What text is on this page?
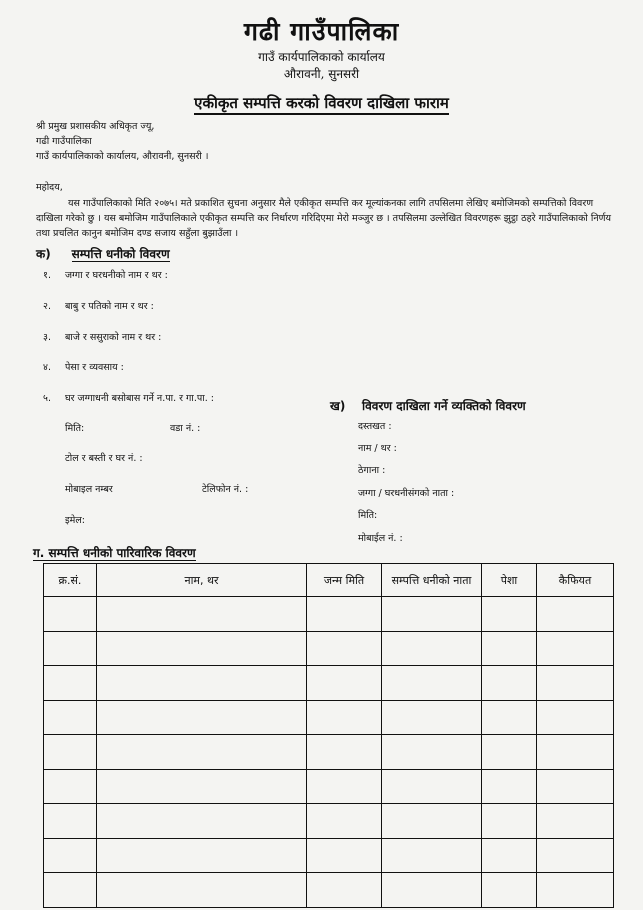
गढी गाउँपालिका
गाउँ कार्यपालिकाको कार्यालय
औरावनी, सुनसरी
एकीकृत सम्पत्ति करको विवरण दाखिला फाराम
श्री प्रमुख प्रशासकीय अधिकृत ज्यू,
गढी गाउँपालिका
गाउँ कार्यपालिकाको कार्यालय, औरावनी, सुनसरी ।
महोदय,
यस गाउँपालिकाको मिति २०७५। मते प्रकाशित सुचना अनुसार मैले एकीकृत सम्पत्ति कर मूल्यांकनका लागि तपसिलमा लेखिए बमोजिमको सम्पत्तिको विवरण दाखिला गरेको छु । यस बमोजिम गाउँपालिकाले एकीकृत सम्पत्ति कर निर्धारण गरिदिएमा मेरो मञ्जुर छ । तपसिलमा उल्लेखित विवरणहरू झुट्ठा ठहरे गाउँपालिकाको निर्णय तथा प्रचलित कानुन बमोजिम दण्ड सजाय सहुँला बुझाउँला ।
क) सम्पत्ति धनीको विवरण
१. जग्गा र घरधनीको नाम र थर :
२. बाबु र पतिको नाम र थर :
३. बाजे र ससुराको नाम र थर :
४. पेसा र व्यवसाय :
५. घर जग्गाधनी बसोबास गर्ने न.पा. र गा.पा. :
मिति:	वडा नं. :
टोल र बस्ती र घर नं. :
मोबाइल नम्बर	टेलिफोन नं. :
इमेल:
ख) विवरण दाखिला गर्ने व्यक्तिको विवरण
दस्तखत :
नाम / थर :
ठेगाना :
जग्गा / घरधनीसंगको नाता :
मिति:
मोबाईल नं. :
ग. सम्पत्ति धनीको पारिवारिक विवरण
क्र.सं.	नाम, थर	जन्म मिति	सम्पत्ति धनीको नाता	पेशा	कैफियत
